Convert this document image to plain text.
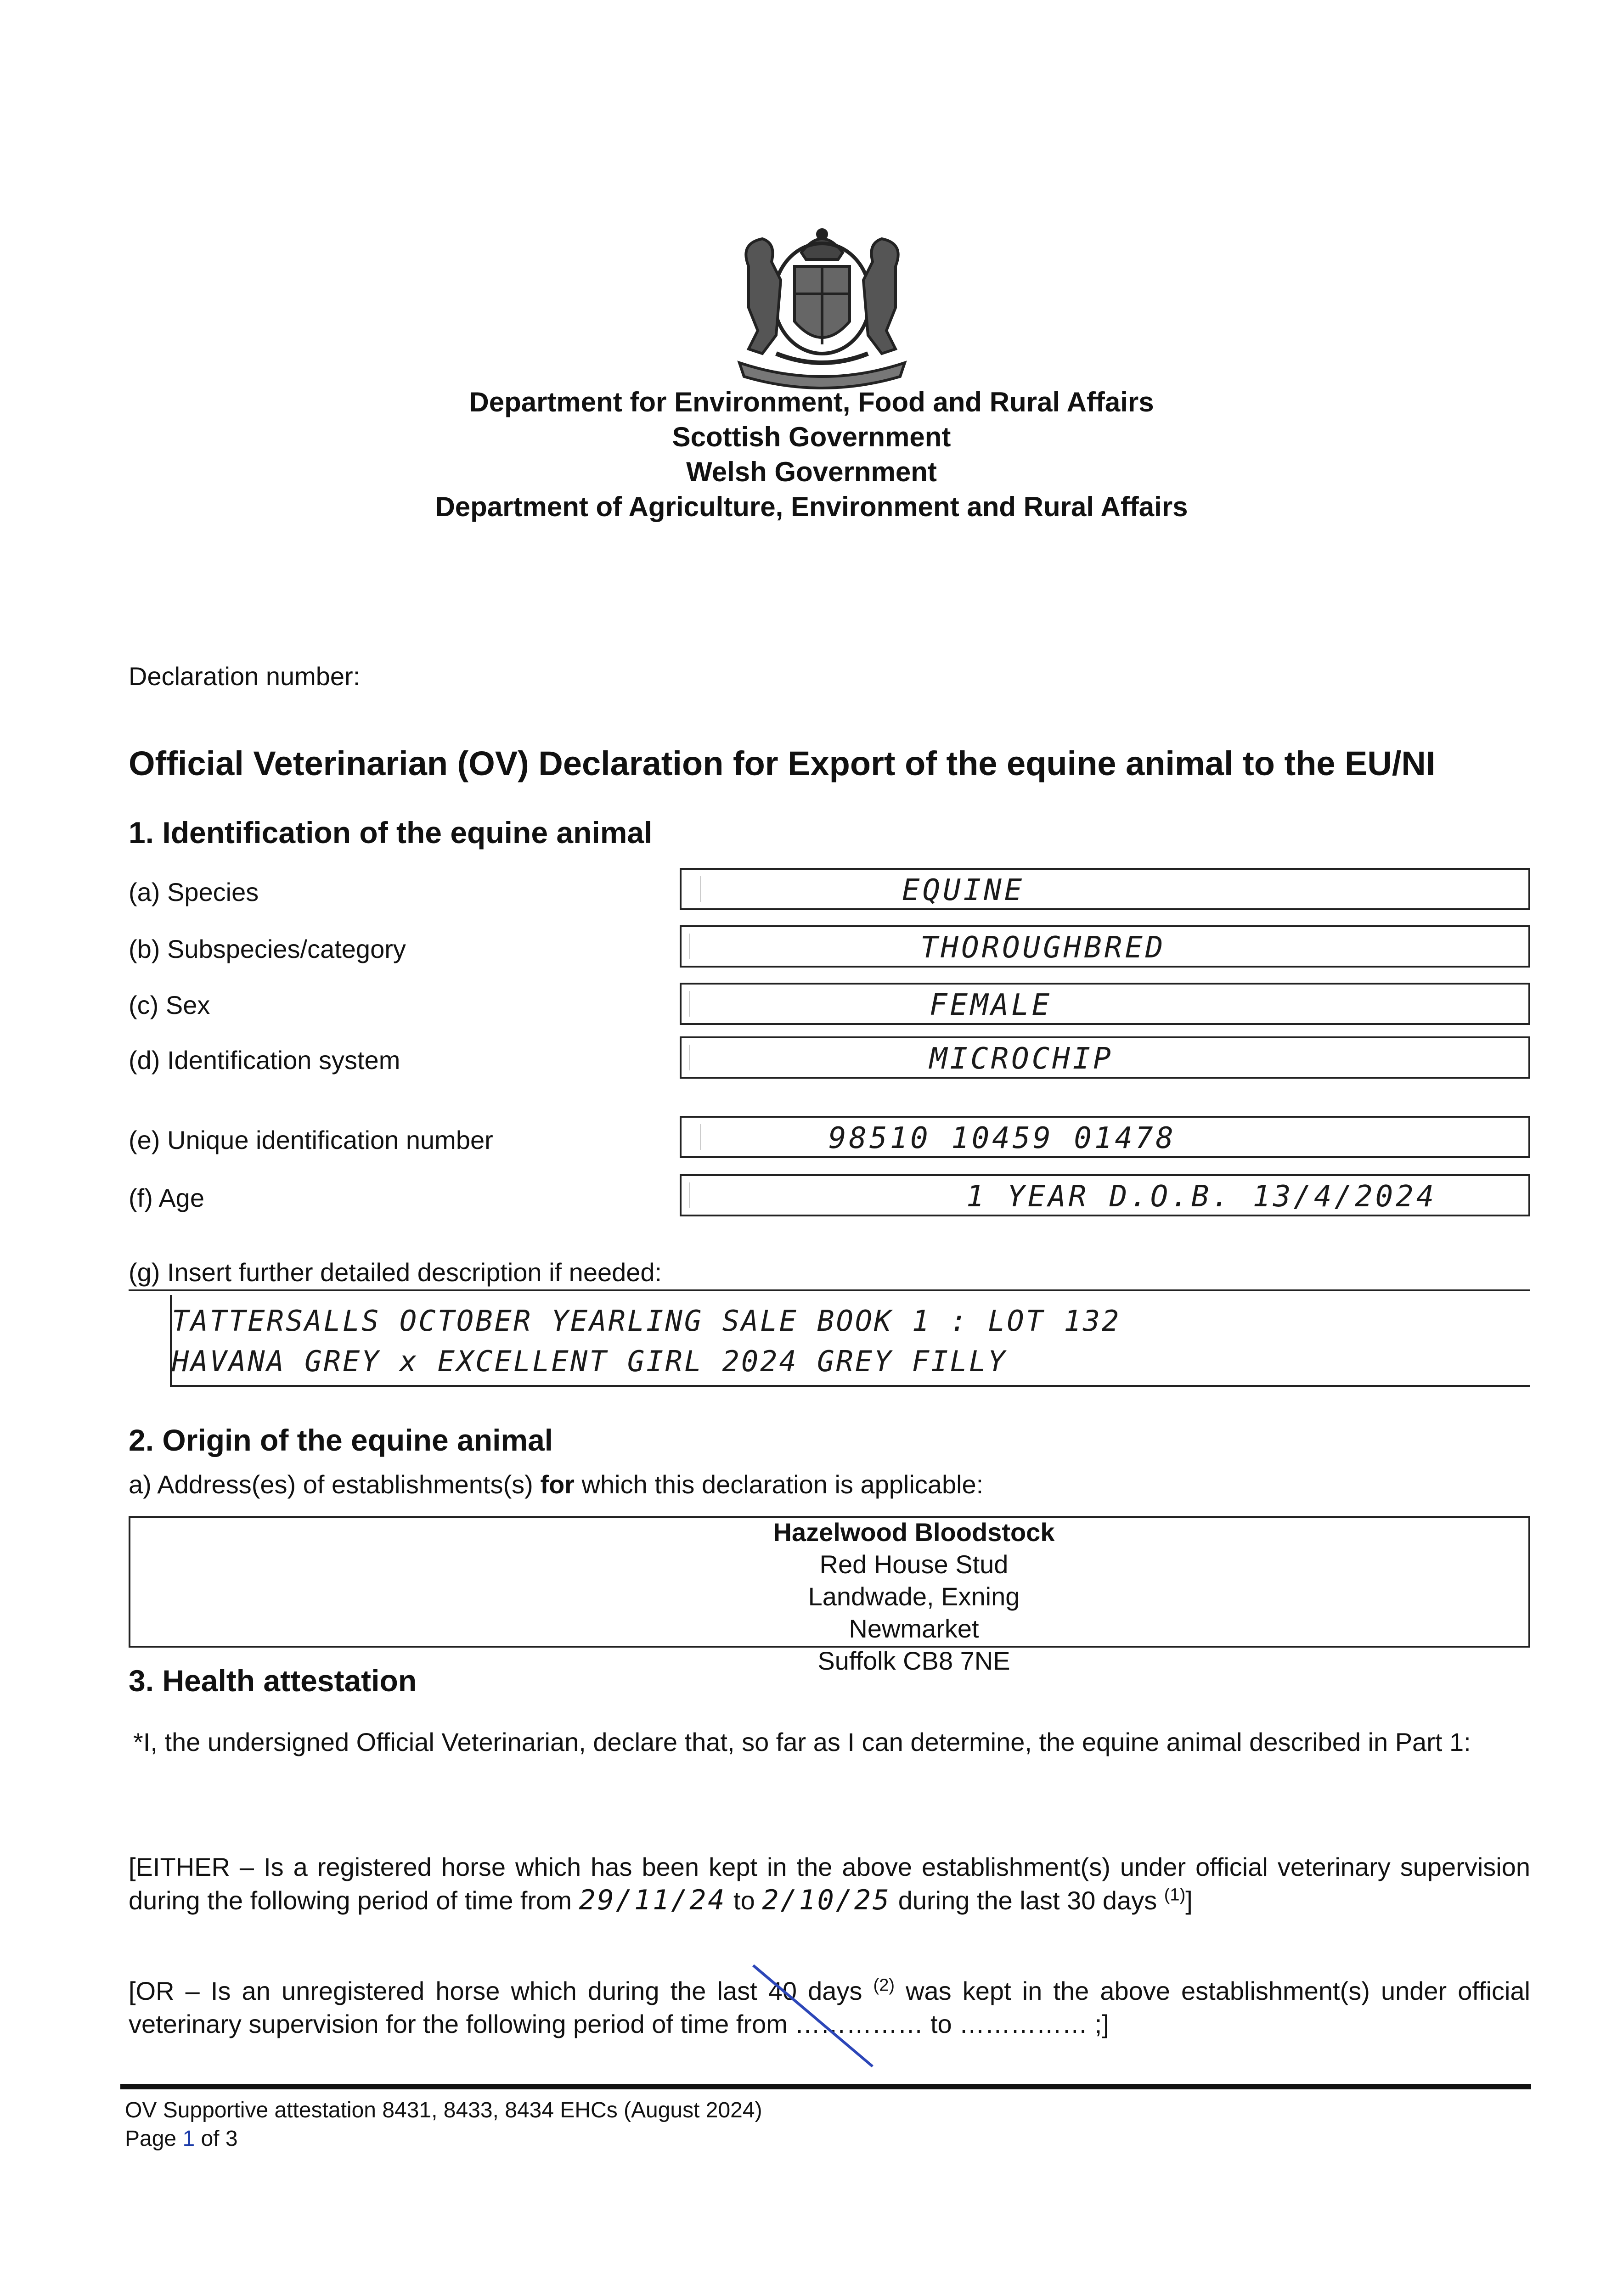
Department for Environment, Food and Rural Affairs
Scottish Government
Welsh Government
Department of Agriculture, Environment and Rural Affairs
Declaration number:
Official Veterinarian (OV) Declaration for Export of the equine animal to the EU/NI
1. Identification of the equine animal
(a) Species	EQUINE
(b) Subspecies/category	THOROUGHBRED
(c) Sex	FEMALE
(d) Identification system	MICROCHIP
(e) Unique identification number	98510 10459 01478
(f) Age	1 YEAR D.O.B. 13/4/2024
(g) Insert further detailed description if needed:
TATTERSALLS OCTOBER YEARLING SALE BOOK 1 : LOT 132
HAVANA GREY x EXCELLENT GIRL 2024 GREY FILLY
2. Origin of the equine animal
a) Address(es) of establishments(s) for which this declaration is applicable:
Hazelwood Bloodstock
Red House Stud
Landwade, Exning
Newmarket
Suffolk CB8 7NE
3. Health attestation
*I, the undersigned Official Veterinarian, declare that, so far as I can determine, the equine animal described in Part 1:
[EITHER – Is a registered horse which has been kept in the above establishment(s) under official veterinary supervision during the following period of time from 29/11/24 to 2/10/25 during the last 30 days $^{(1)}$]
[OR – Is an unregistered horse which during the last 40 days $^{(2)}$ was kept in the above establishment(s) under official veterinary supervision for the following period of time from …………… to …………… ;]
OV Supportive attestation 8431, 8433, 8434 EHCs (August 2024)
Page 1 of 3
